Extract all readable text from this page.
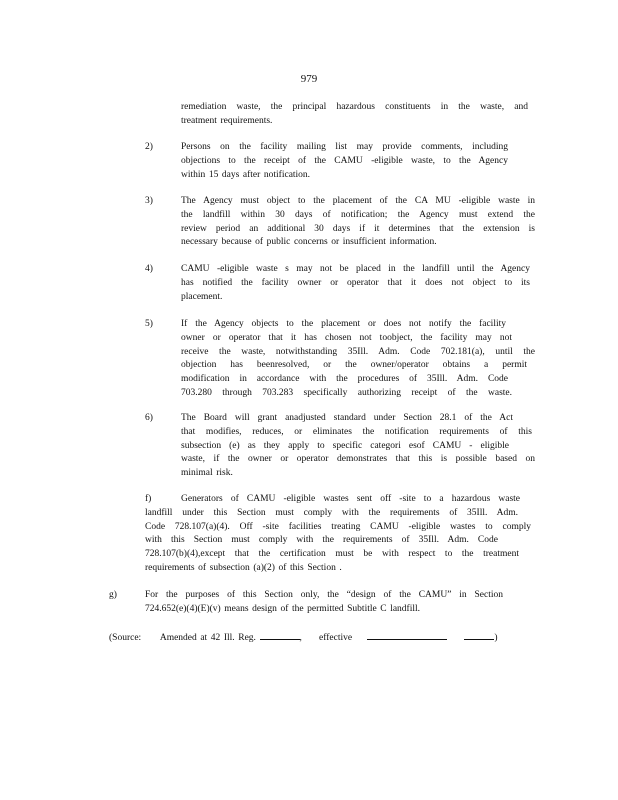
979
remediation waste, the principal hazardous constituents in the waste, and
treatment requirements.
2)	Persons on the facility mailing list may provide comments, including
objections to the receipt of the CAMU -eligible waste, to the Agency
within 15 days after notification.
3)	The Agency must object to the placement of the CA MU -eligible waste in
the landfill within 30 days of notification; the Agency must extend the
review period an additional 30 days if it determines that the extension is
necessary because of public concerns or insufficient information.
4)	CAMU -eligible waste s may not be placed in the landfill until the Agency
has notified the facility owner or operator that it does not object to its
placement.
5)	If the Agency objects to the placement or does not notify the facility
owner or operator that it has chosen not toobject, the facility may not
receive the waste, notwithstanding 35Ill. Adm. Code 702.181(a), until the
objection has beenresolved, or the owner/operator obtains a permit
modification in accordance with the procedures of 35Ill. Adm. Code
703.280 through 703.283 specifically authorizing receipt of the waste.
6)	The Board will grant anadjusted standard under Section 28.1 of the Act
that modifies, reduces, or eliminates the notification requirements of this
subsection (e) as they apply to specific categori esof CAMU - eligible
waste, if the owner or operator demonstrates that this is possible based on
minimal risk.
f)	Generators of CAMU -eligible wastes sent off -site to a hazardous waste
landfill under this Section must comply with the requirements of 35Ill. Adm.
Code 728.107(a)(4). Off -site facilities treating CAMU -eligible wastes to comply
with this Section must comply with the requirements of 35Ill. Adm. Code
728.107(b)(4),except that the certification must be with respect to the treatment
requirements of subsection (a)(2) of this Section .
g)	For the purposes of this Section only, the “design of the CAMU” in Section
724.652(e)(4)(E)(v) means design of the permitted Subtitle C landfill.
(Source: Amended at 42 Ill. Reg.	, effective	)
